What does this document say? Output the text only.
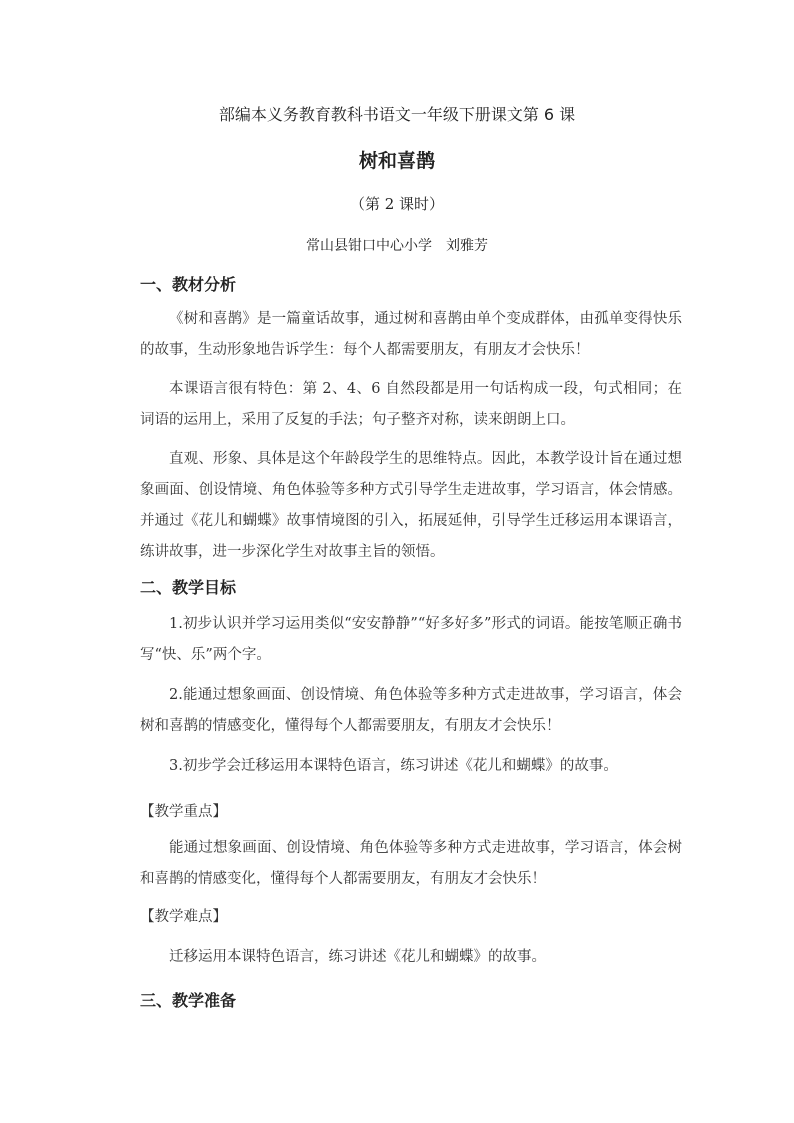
部编本义务教育教科书语文一年级下册课文第 6 课
树和喜鹊
（第 2 课时）
常山县钳口中心小学　刘雅芳
一、教材分析
《树和喜鹊》是一篇童话故事，通过树和喜鹊由单个变成群体，由孤单变得快乐的故事，生动形象地告诉学生：每个人都需要朋友，有朋友才会快乐！
本课语言很有特色：第 2、4、6 自然段都是用一句话构成一段，句式相同；在词语的运用上，采用了反复的手法；句子整齐对称，读来朗朗上口。
直观、形象、具体是这个年龄段学生的思维特点。因此，本教学设计旨在通过想象画面、创设情境、角色体验等多种方式引导学生走进故事，学习语言，体会情感。并通过《花儿和蝴蝶》故事情境图的引入，拓展延伸，引导学生迁移运用本课语言，练讲故事，进一步深化学生对故事主旨的领悟。
二、教学目标
1.初步认识并学习运用类似“安安静静”“好多好多”形式的词语。能按笔顺正确书写“快、乐”两个字。
2.能通过想象画面、创设情境、角色体验等多种方式走进故事，学习语言，体会树和喜鹊的情感变化，懂得每个人都需要朋友，有朋友才会快乐！
3.初步学会迁移运用本课特色语言，练习讲述《花儿和蝴蝶》的故事。
【教学重点】
能通过想象画面、创设情境、角色体验等多种方式走进故事，学习语言，体会树和喜鹊的情感变化，懂得每个人都需要朋友，有朋友才会快乐！
【教学难点】
迁移运用本课特色语言，练习讲述《花儿和蝴蝶》的故事。
三、教学准备
